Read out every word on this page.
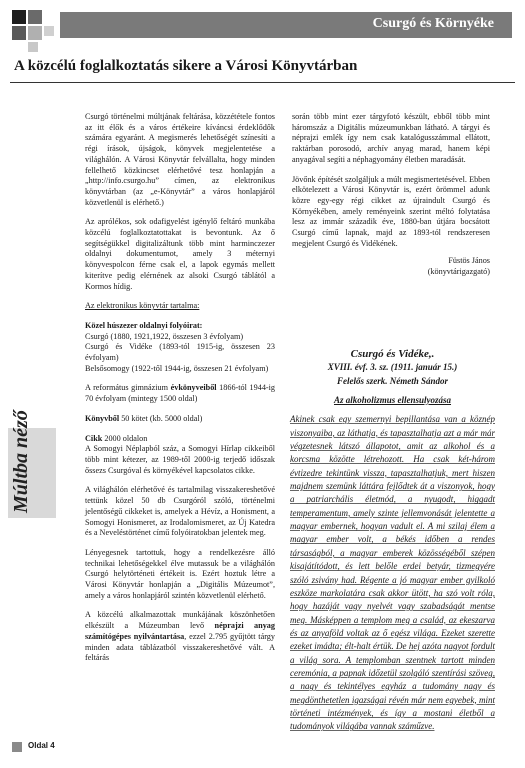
Csurgó és Környéke
A közcélú foglalkoztatás sikere a Városi Könyvtárban
Múltba néző

Csurgó történelmi múltjának feltárása, közzététele fontos az itt élők és a város értékeire kíváncsi érdeklődők számára egyaránt. A megismerés lehetőségét színesíti a régi írások, újságok, könyvek megjelentetése a világhálón. A Városi Könyvtár felvállalta, hogy minden fellelhető közkincset elérhetővé tesz honlapján a „http://info.csurgo.hu” címen, az elektronikus könyvtárban (az „e-Könyvtár” a város honlapjáról közvetlenül is elérhető.)

Az aprólékos, sok odafigyelést igénylő feltáró munkába közcélú foglalkoztatottakat is bevontunk. Az ő segítségükkel digitalizáltunk több mint harminczezer oldalnyi dokumentumot, amely 3 méternyi könyvespolcon férne csak el, a lapok egymás mellett kiterítve pedig elérnének az alsoki Csurgó táblától a Kormos hídig.

Az elektronikus könyvtár tartalma:

Közel húszezer oldalnyi folyóirat:
Csurgó (1880, 1921,1922, összesen 3 évfolyam)
Csurgó és Vidéke (1893-tól 1915-ig, összesen 23 évfolyam)
Belsősomogy (1922-től 1944-ig, összesen 21 évfolyam)

A református gimnázium évkönyveiből 1866-tól 1944-ig 70 évfolyam (mintegy 1500 oldal)

Könyvből 50 kötet (kb. 5000 oldal)

Cikk 2000 oldalon
A Somogyi Néplapból száz, a Somogyi Hírlap cikkeiből több mint kétezer, az 1989-től 2000-ig terjedő időszak őssezs Csurgóval és környékével kapcsolatos cikke.

A világhálón elérhetővé és tartalmilag visszakereshetővé tettünk közel 50 db Csurgóról szóló, történelmi jelentőségű cikkeket is, amelyek a Hévíz, a Honisment, a Somogyi Honismeret, az Irodalomismeret, az Új Katedra és a Neveléstörténet című folyóiratokban jelentek meg.

Lényegesnek tartottuk, hogy a rendelkezésre álló technikai lehetőségekkel élve mutassuk be a világhálón Csurgó helytörténeti értékeit is. Ezért hoztuk létre a Városi Könyvtár honlapján a „Digitális Múzeumot”, amely a város honlapjáról szintén közvetlenül elérhető.

A közcélú alkalmazottak munkájának köszönhetően elkészült a Múzeumban levő néprajzi anyag számítógépes nyilvántartása, ezzel 2.795 gyűjtött tárgy minden adata táblázatból visszakereshetővé vált. A feltárás

során több mint ezer tárgyfotó készült, ebből több mint háromszáz a Digitális múzeumunkban látható. A tárgyi és néprajzi emlék így nem csak katalógusszámmal ellátott, raktárban porosodó, archív anyag marad, hanem képi anyagával segíti a néphagyomány életben maradását.

Jövőnk építését szolgáljuk a múlt megismertetésével. Ebben elkötelezett a Városi Könyvtár is, ezért örömmel adunk közre egy-egy régi cikket az újraindult Csurgó és Környékében, amely reményeink szerint méltó folytatása lesz az immár századik éve, 1880-ban útjára bocsátott Csurgó című lapnak, majd az 1893-tól rendszeresen megjelent Csurgó és Vidékének.

Füstös János
(könyvtárigazgató)

Csurgó és Vidéke,.
XVIII. évf. 3. sz. (1911. január 15.)
Felelős szerk. Németh Sándor
Az alkoholizmus ellensulyozása
Akinek csak egy szemernyi bepillantása van a köznép viszonyaiba, az láthatja, és tapasztalhatja azt a már már végzetesnek látszó állapotot, amit az alkohol és a korcsma közötte létrehozott. Ha csak két-három évtizedre tekintünk vissza, tapasztalhatjuk, mert hiszen majdnem szemünk láttára fejlődtek át a viszonyok, hogy a patriarchális életmód, a nyugodt, higgadt temperamentum, amely szinte jellemvonását jelentette a magyar embernek, hogyan vadult el. A mi szilaj élem a magyar ember volt, a békés időben a rendes társaságból, a magyar emberek közösségéből szépen kisajátítódott, és lett belőle erdei betyár, tizmegyére szóló zsivány had. Régente a jó magyar ember gyilkoló eszköze markolatára csak akkor ütött, ha szó volt róla, hogy hazáját vagy nyelvét vagy szabadságát mentse meg. Másképpen a templom meg a család, az ekeszarva és az anyaföld voltak az ő egész világa. Ezeket szerette ezeket imádta; élt-halt értük. De hej azóta nagyot fordult a világ sora. A templomban szentnek tartott minden ceremónia, a papnak időzetül szolgáló szentírási szöveg, a nagy és tekintélyes egyház a tudomány nagy és megdönthetetlen igazságai révén már nem egyebek, mint történeti intézmények, és így a mostani életből a tudományok világába vannak száműzve.
Oldal 4
